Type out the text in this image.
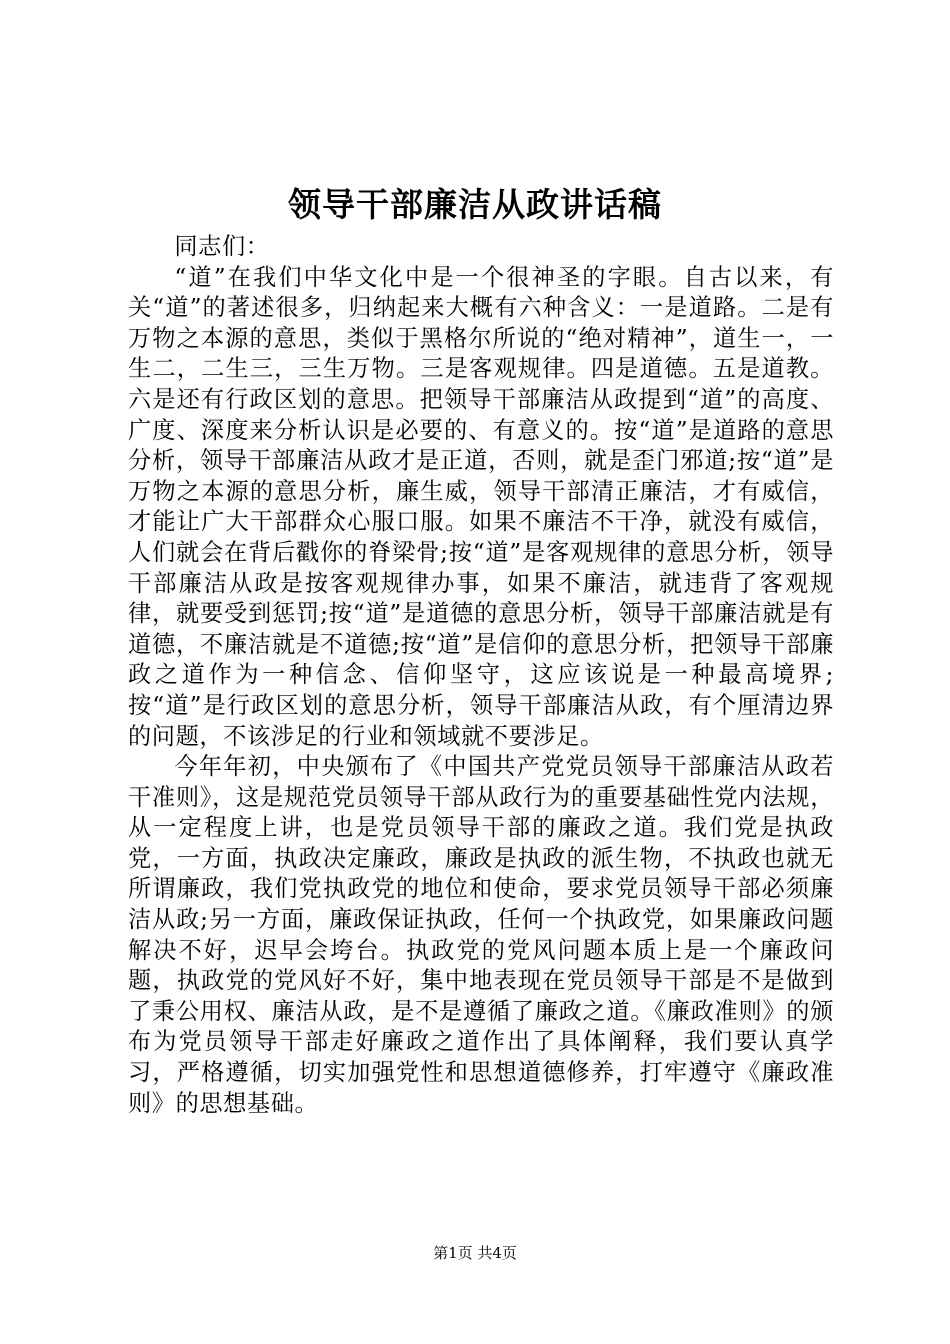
领导干部廉洁从政讲话稿

同志们：

“道”在我们中华文化中是一个很神圣的字眼。自古以来，有关“道”的著述很多，归纳起来大概有六种含义：一是道路。二是有万物之本源的意思，类似于黑格尔所说的“绝对精神”，道生一，一生二，二生三，三生万物。三是客观规律。四是道德。五是道教。六是还有行政区划的意思。把领导干部廉洁从政提到“道”的高度、广度、深度来分析认识是必要的、有意义的。按“道”是道路的意思分析，领导干部廉洁从政才是正道，否则，就是歪门邪道;按“道”是万物之本源的意思分析，廉生威，领导干部清正廉洁，才有威信，才能让广大干部群众心服口服。如果不廉洁不干净，就没有威信，人们就会在背后戳你的脊梁骨;按“道”是客观规律的意思分析，领导干部廉洁从政是按客观规律办事，如果不廉洁，就违背了客观规律，就要受到惩罚;按“道”是道德的意思分析，领导干部廉洁就是有道德，不廉洁就是不道德;按“道”是信仰的意思分析，把领导干部廉政之道作为一种信念、信仰坚守，这应该说是一种最高境界;按“道”是行政区划的意思分析，领导干部廉洁从政，有个厘清边界的问题，不该涉足的行业和领域就不要涉足。

今年年初，中央颁布了《中国共产党党员领导干部廉洁从政若干准则》，这是规范党员领导干部从政行为的重要基础性党内法规，从一定程度上讲，也是党员领导干部的廉政之道。我们党是执政党，一方面，执政决定廉政，廉政是执政的派生物，不执政也就无所谓廉政，我们党执政党的地位和使命，要求党员领导干部必须廉洁从政;另一方面，廉政保证执政，任何一个执政党，如果廉政问题解决不好，迟早会垮台。执政党的党风问题本质上是一个廉政问题，执政党的党风好不好，集中地表现在党员领导干部是不是做到了秉公用权、廉洁从政，是不是遵循了廉政之道。《廉政准则》的颁布为党员领导干部走好廉政之道作出了具体阐释，我们要认真学习，严格遵循，切实加强党性和思想道德修养，打牢遵守《廉政准则》的思想基础。

第1页 共4页
